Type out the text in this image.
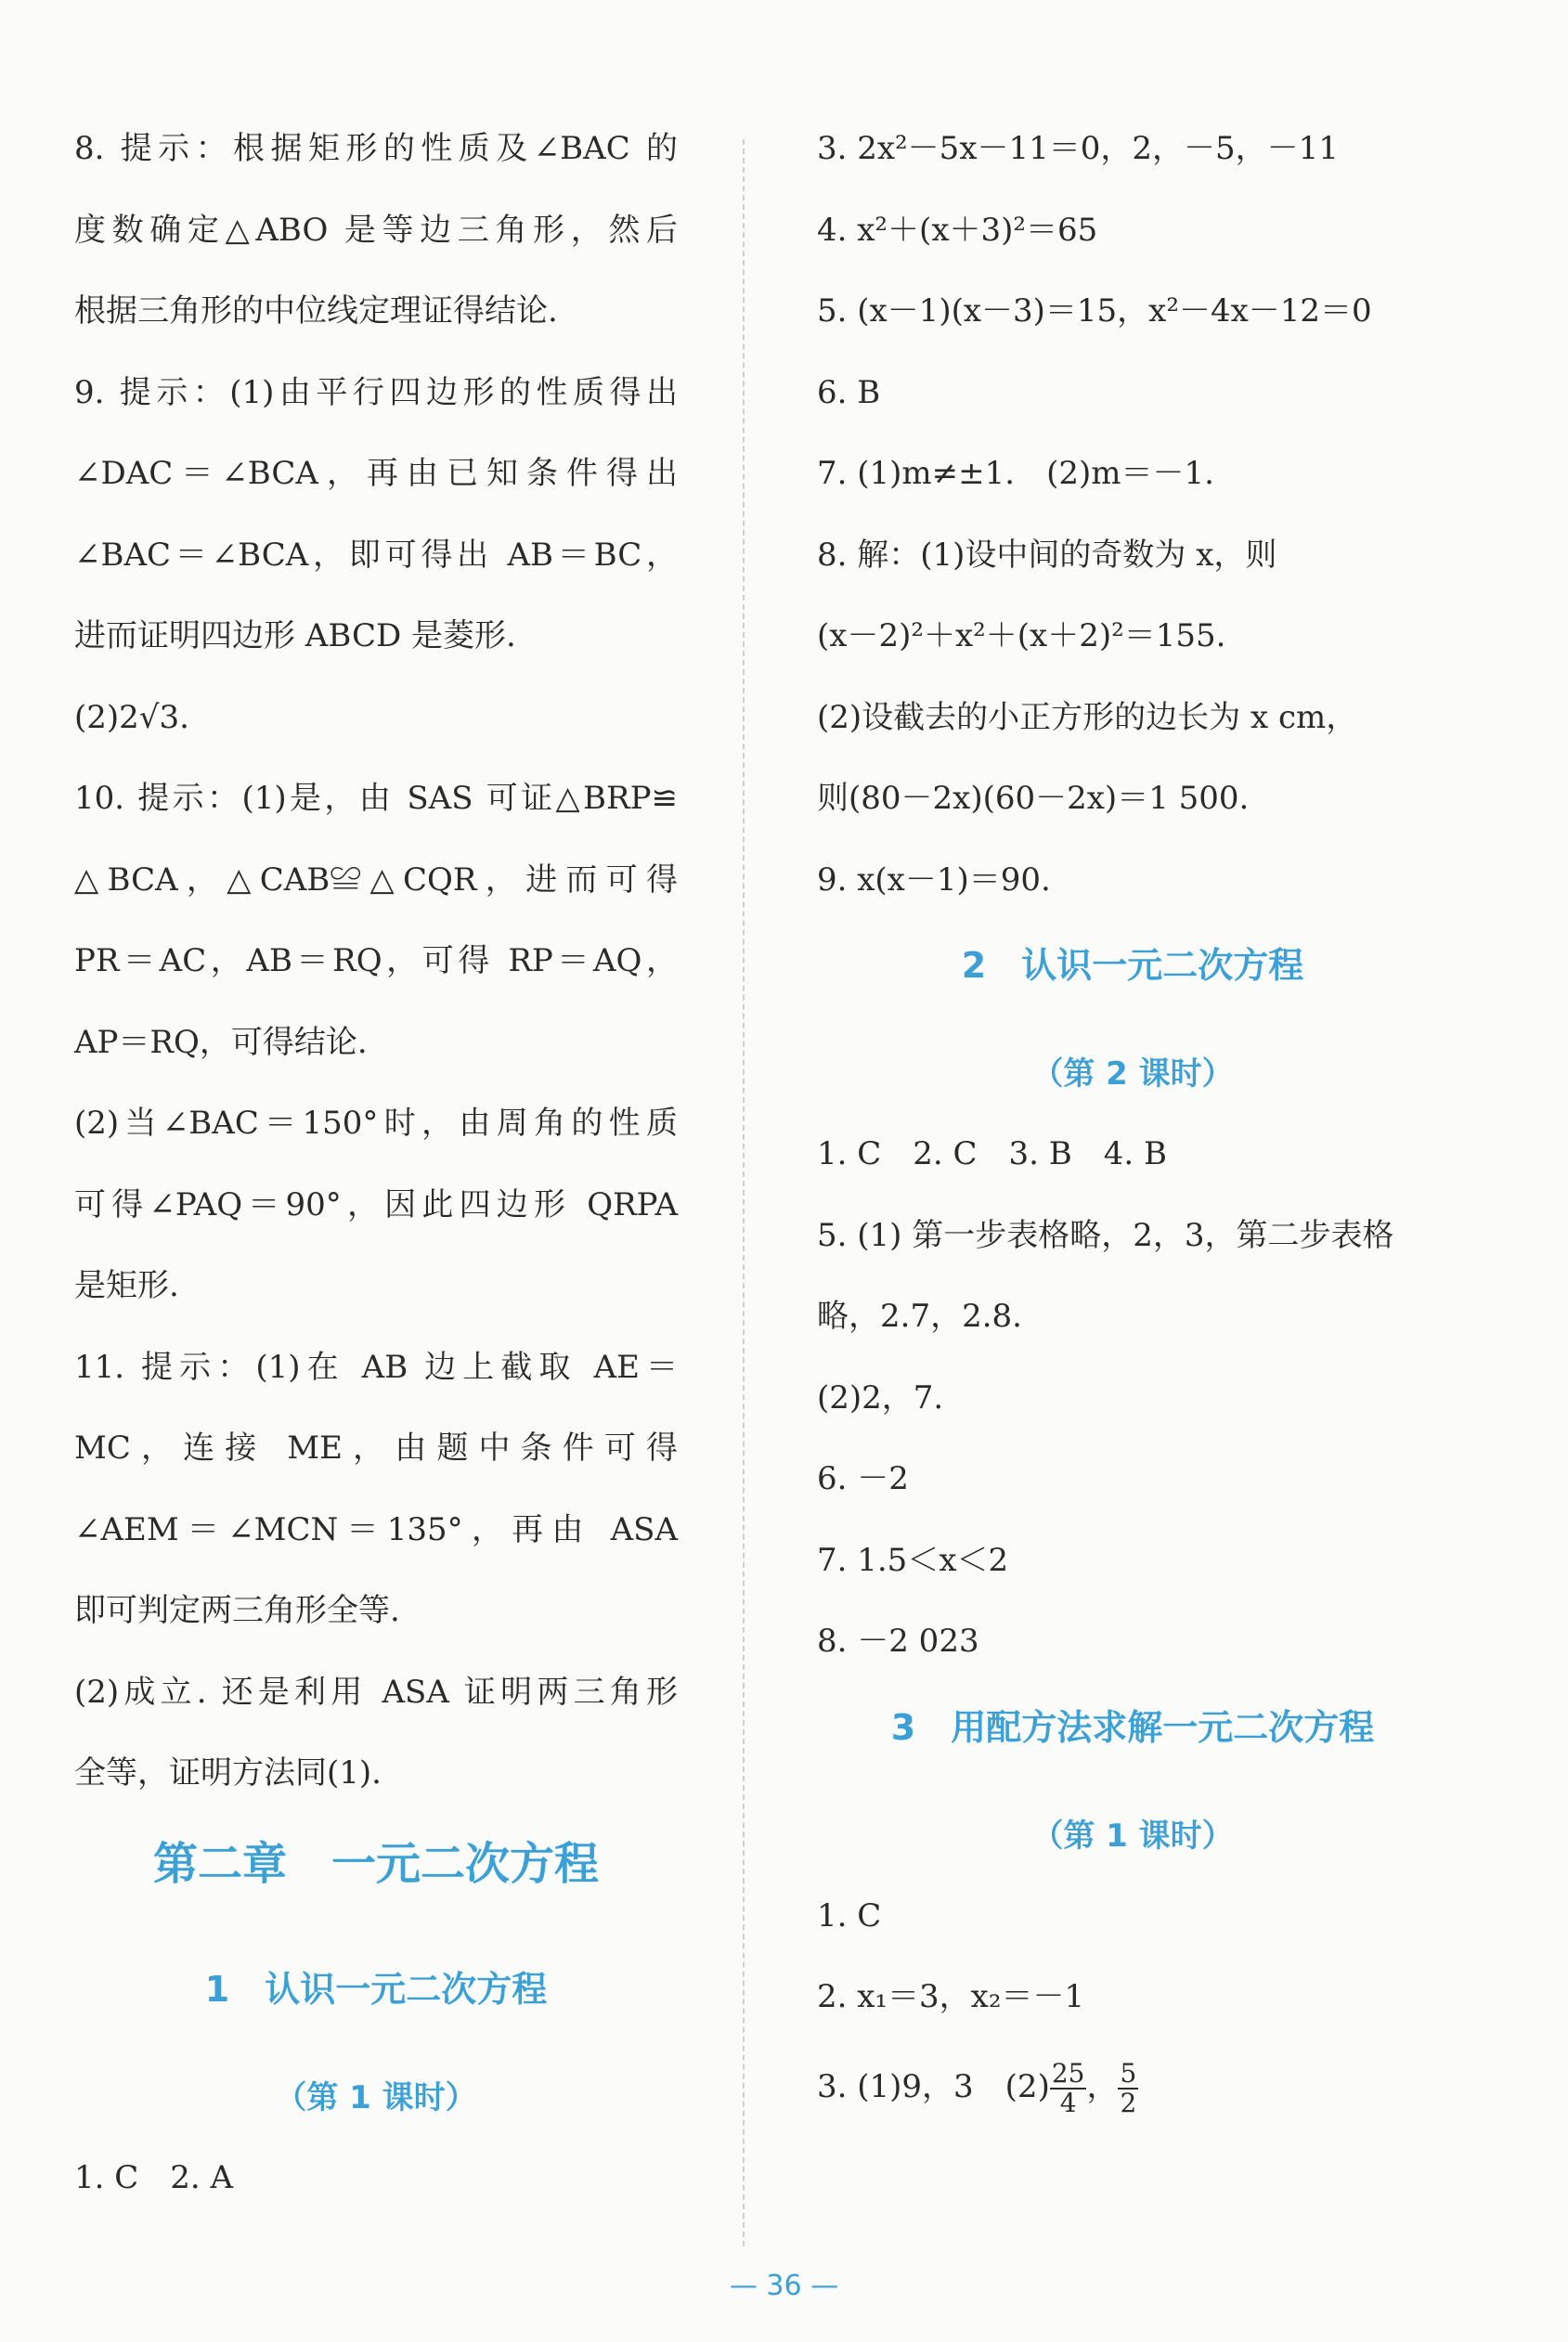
8. 提示：根据矩形的性质及∠BAC 的
度数确定△ABO 是等边三角形，然后
根据三角形的中位线定理证得结论.
9. 提示：(1)由平行四边形的性质得出
∠DAC＝∠BCA，再由已知条件得出
∠BAC＝∠BCA，即可得出 AB＝BC，
进而证明四边形 ABCD 是菱形.
(2)2√3.
10. 提示：(1)是，由 SAS 可证△BRP≌
△BCA，△CAB≌△CQR，进而可得
PR＝AC，AB＝RQ，可得 RP＝AQ，
AP＝RQ，可得结论.
(2)当∠BAC＝150°时，由周角的性质
可得∠PAQ＝90°，因此四边形 QRPA
是矩形.
11. 提示：(1)在 AB 边上截取 AE＝
MC，连接 ME，由题中条件可得
∠AEM＝∠MCN＝135°，再由 ASA
即可判定两三角形全等.
(2)成立. 还是利用 ASA 证明两三角形
全等，证明方法同(1).
第二章　一元二次方程
1　认识一元二次方程
（第 1 课时）
1. C　2. A
3. 2x²－5x－11＝0，2，－5，－11
4. x²＋(x＋3)²＝65
5. (x－1)(x－3)＝15，x²－4x－12＝0
6. B
7. (1)m≠±1.　(2)m＝－1.
8. 解：(1)设中间的奇数为 x，则
(x－2)²＋x²＋(x＋2)²＝155.
(2)设截去的小正方形的边长为 x cm，
则(80－2x)(60－2x)＝1 500.
9. x(x－1)＝90.
2　认识一元二次方程
（第 2 课时）
1. C　2. C　3. B　4. B
5. (1) 第一步表格略，2，3，第二步表格
略，2.7，2.8.
(2)2，7.
6. －2
7. 1.5＜x＜2
8. －2 023
3　用配方法求解一元二次方程
（第 1 课时）
1. C
2. x₁＝3，x₂＝－1
3. (1)9，3　$(2) \frac{25}{4}$ ， $\frac{5}{2}$
— 36 —
